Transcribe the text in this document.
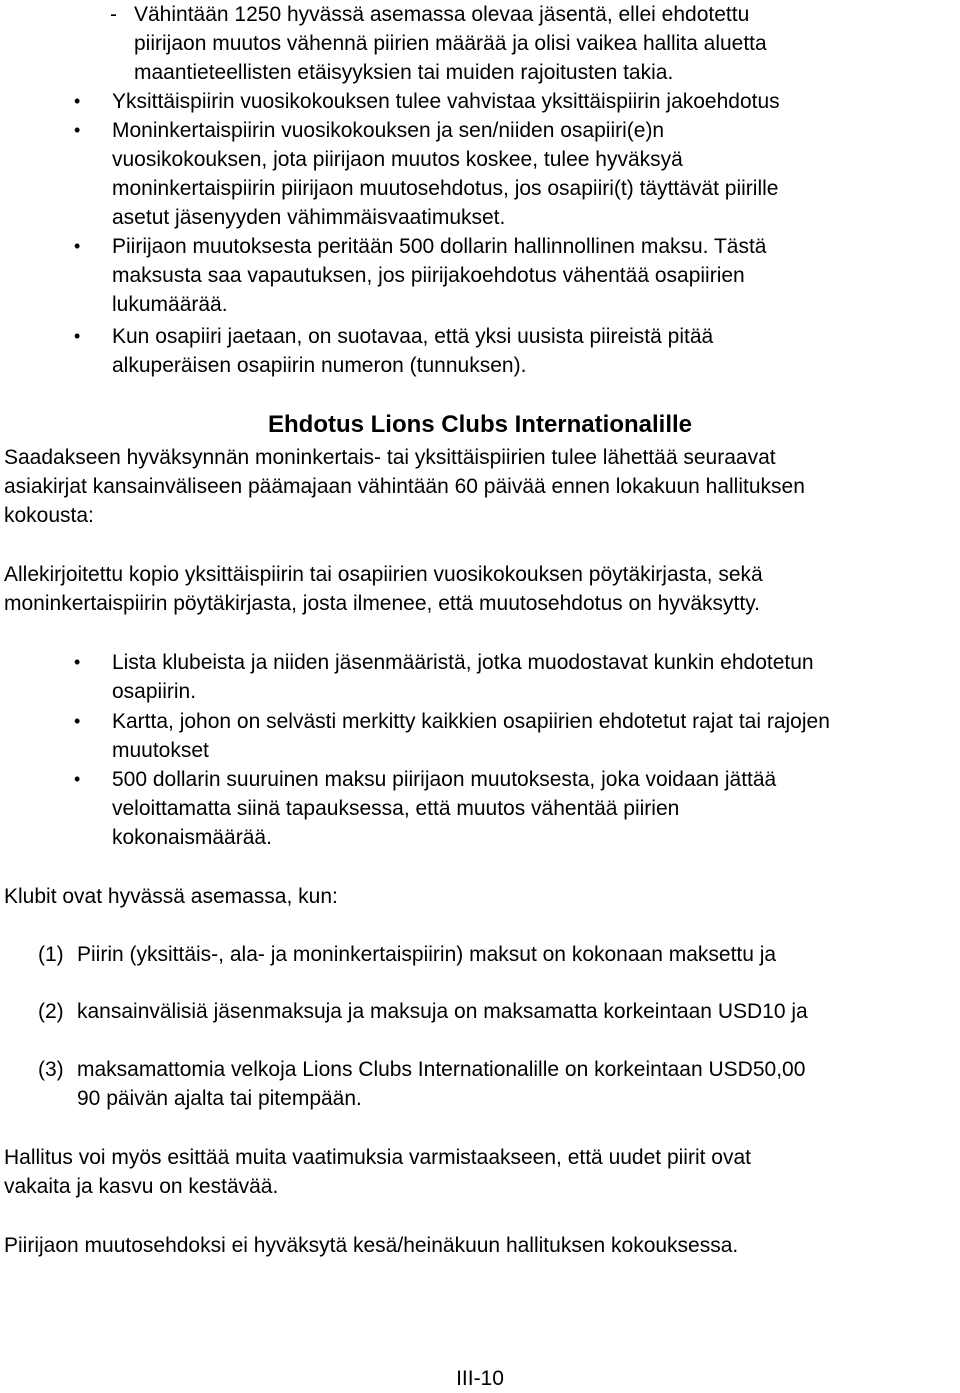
- Vähintään 1250 hyvässä asemassa olevaa jäsentä, ellei ehdotettu
piirijaon muutos vähennä piirien määrää ja olisi vaikea hallita aluetta
maantieteellisten etäisyyksien tai muiden rajoitusten takia.
• Yksittäispiirin vuosikokouksen tulee vahvistaa yksittäispiirin jakoehdotus
• Moninkertaispiirin vuosikokouksen ja sen/niiden osapiiri(e)n
vuosikokouksen, jota piirijaon muutos koskee, tulee hyväksyä
moninkertaispiirin piirijaon muutosehdotus, jos osapiiri(t) täyttävät piirille
asetut jäsenyyden vähimmäisvaatimukset.
• Piirijaon muutoksesta peritään 500 dollarin hallinnollinen maksu. Tästä
maksusta saa vapautuksen, jos piirijakoehdotus vähentää osapiirien
lukumäärää.
• Kun osapiiri jaetaan, on suotavaa, että yksi uusista piireistä pitää
alkuperäisen osapiirin numeron (tunnuksen).
Ehdotus Lions Clubs Internationalille
Saadakseen hyväksynnän moninkertais- tai yksittäispiirien tulee lähettää seuraavat
asiakirjat kansainväliseen päämajaan vähintään 60 päivää ennen lokakuun hallituksen
kokousta:
Allekirjoitettu kopio yksittäispiirin tai osapiirien vuosikokouksen pöytäkirjasta, sekä
moninkertaispiirin pöytäkirjasta, josta ilmenee, että muutosehdotus on hyväksytty.
• Lista klubeista ja niiden jäsenmääristä, jotka muodostavat kunkin ehdotetun
osapiirin.
• Kartta, johon on selvästi merkitty kaikkien osapiirien ehdotetut rajat tai rajojen
muutokset
• 500 dollarin suuruinen maksu piirijaon muutoksesta, joka voidaan jättää
veloittamatta siinä tapauksessa, että muutos vähentää piirien
kokonaismäärää.
Klubit ovat hyvässä asemassa, kun:
(1) Piirin (yksittäis-, ala- ja moninkertaispiirin) maksut on kokonaan maksettu ja
(2) kansainvälisiä jäsenmaksuja ja maksuja on maksamatta korkeintaan USD10 ja
(3) maksamattomia velkoja Lions Clubs Internationalille on korkeintaan USD50,00
90 päivän ajalta tai pitempään.
Hallitus voi myös esittää muita vaatimuksia varmistaakseen, että uudet piirit ovat
vakaita ja kasvu on kestävää.
Piirijaon muutosehdoksi ei hyväksytä kesä/heinäkuun hallituksen kokouksessa.
III-10
